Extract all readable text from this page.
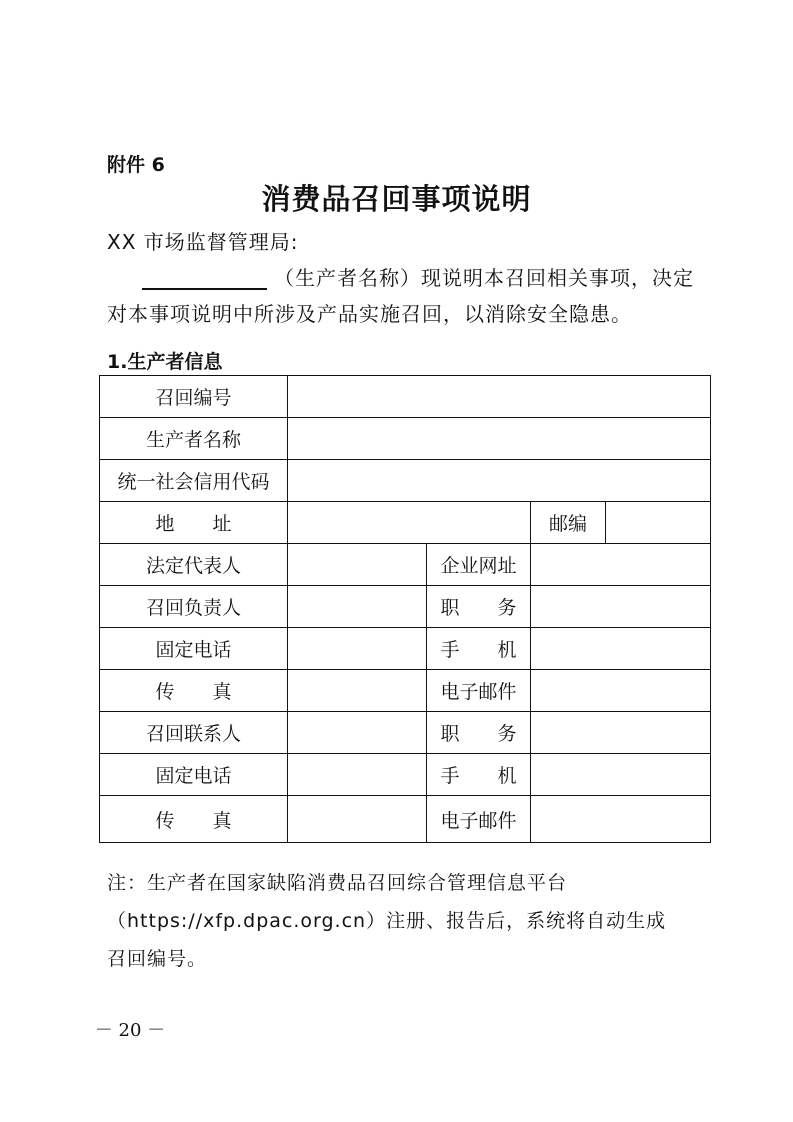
附件 6
消费品召回事项说明
XX 市场监督管理局:
（生产者名称）现说明本召回相关事项，决定
对本事项说明中所涉及产品实施召回，以消除安全隐患。
1.生产者信息
召回编号				
生产者名称				
统一社会信用代码				
地　　址			邮编	
法定代表人		企业网址		
召回负责人		职　　务		
固定电话		手　　机		
传　　真		电子邮件		
召回联系人		职　　务		
固定电话		手　　机		
传　　真		电子邮件		
注：生产者在国家缺陷消费品召回综合管理信息平台
（https://xfp.dpac.org.cn）注册、报告后，系统将自动生成
召回编号。
－ 20 －
